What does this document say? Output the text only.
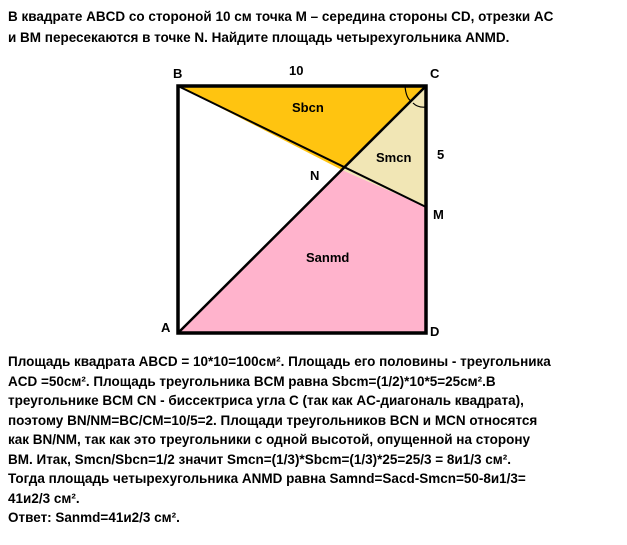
В квадрате ABCD со стороной 10 см точка M – середина стороны CD, отрезки AC
и BM пересекаются в точке N. Найдите площадь четырехугольника ANMD.
B	C
A	D
N
M
10
5
Sbcn
Smcn
Sanmd

Площадь квадрата ABCD = 10*10=100см². Площадь его половины - треугольника

ACD =50см². Площадь треугольника BCM равна Sbcm=(1/2)*10*5=25см².В

треугольнике BCM CN - биссектриса угла C (так как AC-диагональ квадрата),

поэтому BN/NM=BC/CM=10/5=2. Площади треугольников BCN и MCN относятся

как BN/NM, так как это треугольники с одной высотой, опущенной на сторону

BM. Итак, Smcn/Sbcn=1/2 значит Smcn=(1/3)*Sbcm=(1/3)*25=25/3 = 8и1/3 см².

Тогда площадь четырехугольника ANMD равна Samnd=Sacd-Smcn=50-8и1/3=

41и2/3 см².

Ответ: Sanmd=41и2/3 см².
